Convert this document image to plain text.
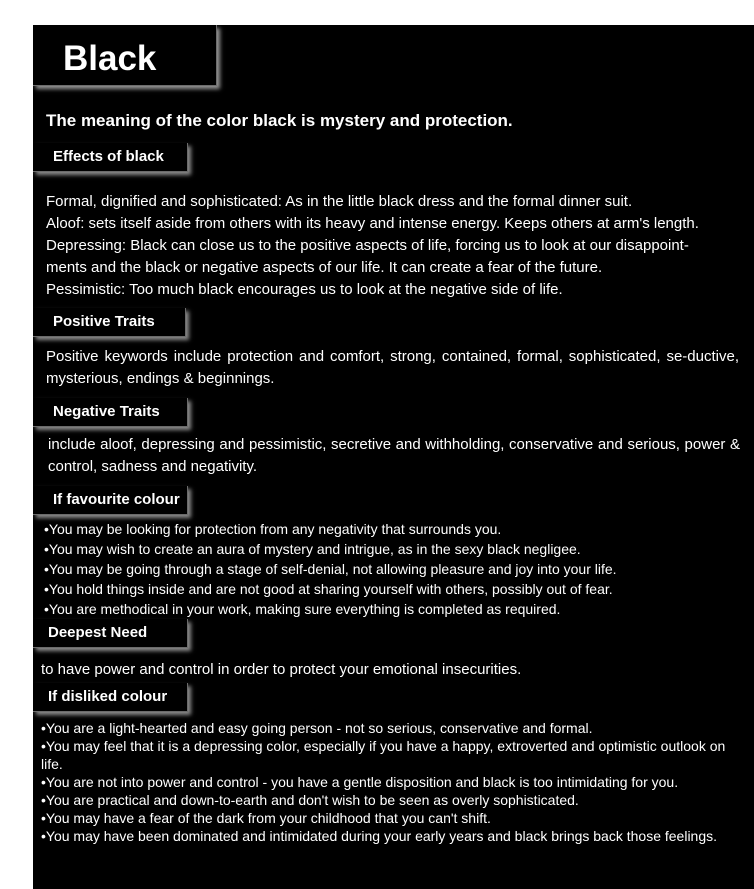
Black
The meaning of the color black is mystery and protection.
Effects of black
Formal, dignified and sophisticated: As in the little black dress and the formal dinner suit.
Aloof: sets itself aside from others with its heavy and intense energy. Keeps others at arm's length.
Depressing: Black can close us to the positive aspects of life, forcing us to look at our disappoint-
ments and the black or negative aspects of our life. It can create a fear of the future.
Pessimistic: Too much black encourages us to look at the negative side of life.
Positive Traits
Positive keywords include protection and comfort, strong, contained, formal, sophisticated, se-ductive, mysterious, endings & beginnings.
Negative Traits
include aloof, depressing and pessimistic, secretive and withholding, conservative and serious, power & control, sadness and negativity.
If favourite colour
•You may be looking for protection from any negativity that surrounds you.
•You may wish to create an aura of mystery and intrigue, as in the sexy black negligee.
•You may be going through a stage of self-denial, not allowing pleasure and joy into your life.
•You hold things inside and are not good at sharing yourself with others, possibly out of fear.
•You are methodical in your work, making sure everything is completed as required.
Deepest Need
to have power and control in order to protect your emotional insecurities.
If disliked colour
•You are a light-hearted and easy going person - not so serious, conservative and formal.
•You may feel that it is a depressing color, especially if you have a happy, extroverted and optimistic outlook on life.
•You are not into power and control - you have a gentle disposition and black is too intimidating for you.
•You are practical and down-to-earth and don't wish to be seen as overly sophisticated.
•You may have a fear of the dark from your childhood that you can't shift.
•You may have been dominated and intimidated during your early years and black brings back those feelings.
